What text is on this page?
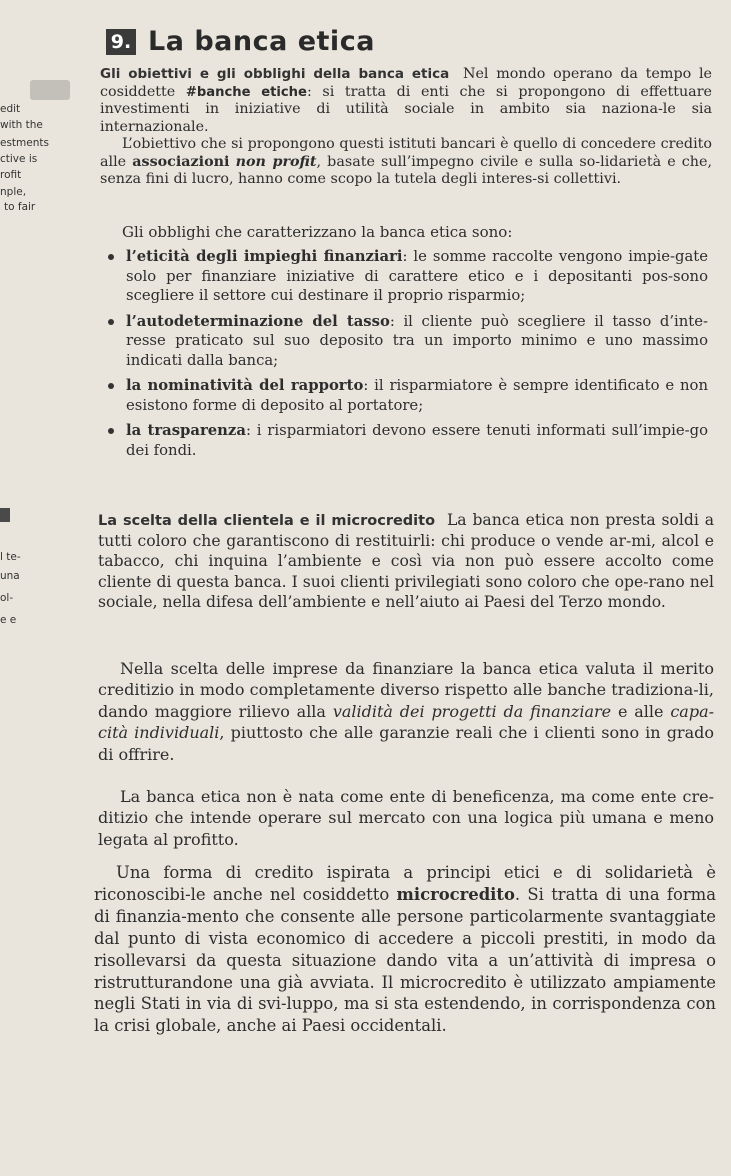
9. La banca etica
edit
with the
estments
ctive is
rofit
nple,
to fair
Gli obiettivi e gli obblighi della banca etica Nel mondo operano da tempo le cosiddette #banche etiche: si tratta di enti che si propongono di effettuare investimenti in iniziative di utilità sociale in ambito sia naziona-le sia internazionale.
L’obiettivo che si propongono questi istituti bancari è quello di concedere credito alle associazioni non profit, basate sull’impegno civile e sulla so-lidarietà e che, senza fini di lucro, hanno come scopo la tutela degli interes-si collettivi.
Gli obblighi che caratterizzano la banca etica sono:
l’eticità degli impieghi finanziari: le somme raccolte vengono impie-gate solo per finanziare iniziative di carattere etico e i depositanti pos-sono scegliere il settore cui destinare il proprio risparmio;
l’autodeterminazione del tasso: il cliente può scegliere il tasso d’inte-resse praticato sul suo deposito tra un importo minimo e uno massimo indicati dalla banca;
la nominatività del rapporto: il risparmiatore è sempre identificato e non esistono forme di deposito al portatore;
la trasparenza: i risparmiatori devono essere tenuti informati sull’impie-go dei fondi.
l te-
una
ol-
e e
La scelta della clientela e il microcredito La banca etica non presta soldi a tutti coloro che garantiscono di restituirli: chi produce o vende ar-mi, alcol e tabacco, chi inquina l’ambiente e così via non può essere accolto come cliente di questa banca. I suoi clienti privilegiati sono coloro che ope-rano nel sociale, nella difesa dell’ambiente e nell’aiuto ai Paesi del Terzo mondo.
Nella scelta delle imprese da finanziare la banca etica valuta il merito creditizio in modo completamente diverso rispetto alle banche tradiziona-li, dando maggiore rilievo alla validità dei progetti da finanziare e alle capa-cità individuali, piuttosto che alle garanzie reali che i clienti sono in grado di offrire.
La banca etica non è nata come ente di beneficenza, ma come ente cre-ditizio che intende operare sul mercato con una logica più umana e meno legata al profitto.
Una forma di credito ispirata a principi etici e di solidarietà è riconoscibi-le anche nel cosiddetto microcredito. Si tratta di una forma di finanzia-mento che consente alle persone particolarmente svantaggiate dal punto di vista economico di accedere a piccoli prestiti, in modo da risollevarsi da questa situazione dando vita a un’attività di impresa o ristrutturandone una già avviata. Il microcredito è utilizzato ampiamente negli Stati in via di svi-luppo, ma si sta estendendo, in corrispondenza con la crisi globale, anche ai Paesi occidentali.
